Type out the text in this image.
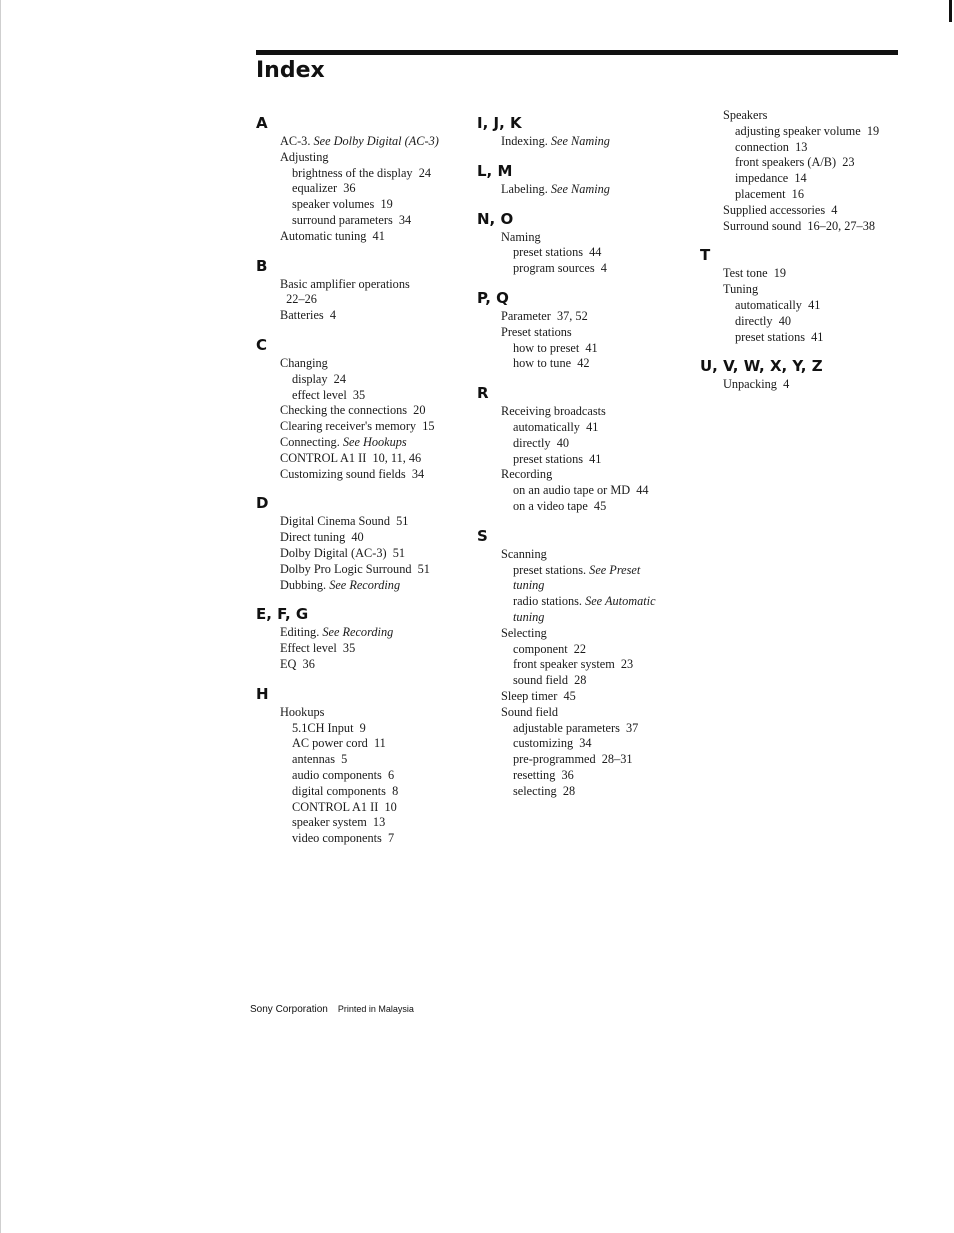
Index
A
AC-3. See Dolby Digital (AC-3)
Adjusting
brightness of the display  24
equalizer  36
speaker volumes  19
surround parameters  34
Automatic tuning  41
B
Basic amplifier operations
22–26
Batteries  4
C
Changing
display  24
effect level  35
Checking the connections  20
Clearing receiver's memory  15
Connecting. See Hookups
CONTROL A1 II  10, 11, 46
Customizing sound fields  34
D
Digital Cinema Sound  51
Direct tuning  40
Dolby Digital (AC-3)  51
Dolby Pro Logic Surround  51
Dubbing. See Recording
E, F, G
Editing. See Recording
Effect level  35
EQ  36
H
Hookups
5.1CH Input  9
AC power cord  11
antennas  5
audio components  6
digital components  8
CONTROL A1 II  10
speaker system  13
video components  7
I, J, K
Indexing. See Naming
L, M
Labeling. See Naming
N, O
Naming
preset stations  44
program sources  4
P, Q
Parameter  37, 52
Preset stations
how to preset  41
how to tune  42
R
Receiving broadcasts
automatically  41
directly  40
preset stations  41
Recording
on an audio tape or MD  44
on a video tape  45
S
Scanning
preset stations. See Preset
tuning
radio stations. See Automatic
tuning
Selecting
component  22
front speaker system  23
sound field  28
Sleep timer  45
Sound field
adjustable parameters  37
customizing  34
pre-programmed  28–31
resetting  36
selecting  28
Speakers
adjusting speaker volume  19
connection  13
front speakers (A/B)  23
impedance  14
placement  16
Supplied accessories  4
Surround sound  16–20, 27–38
T
Test tone  19
Tuning
automatically  41
directly  40
preset stations  41
U, V, W, X, Y, Z
Unpacking  4
Sony Corporation Printed in Malaysia
